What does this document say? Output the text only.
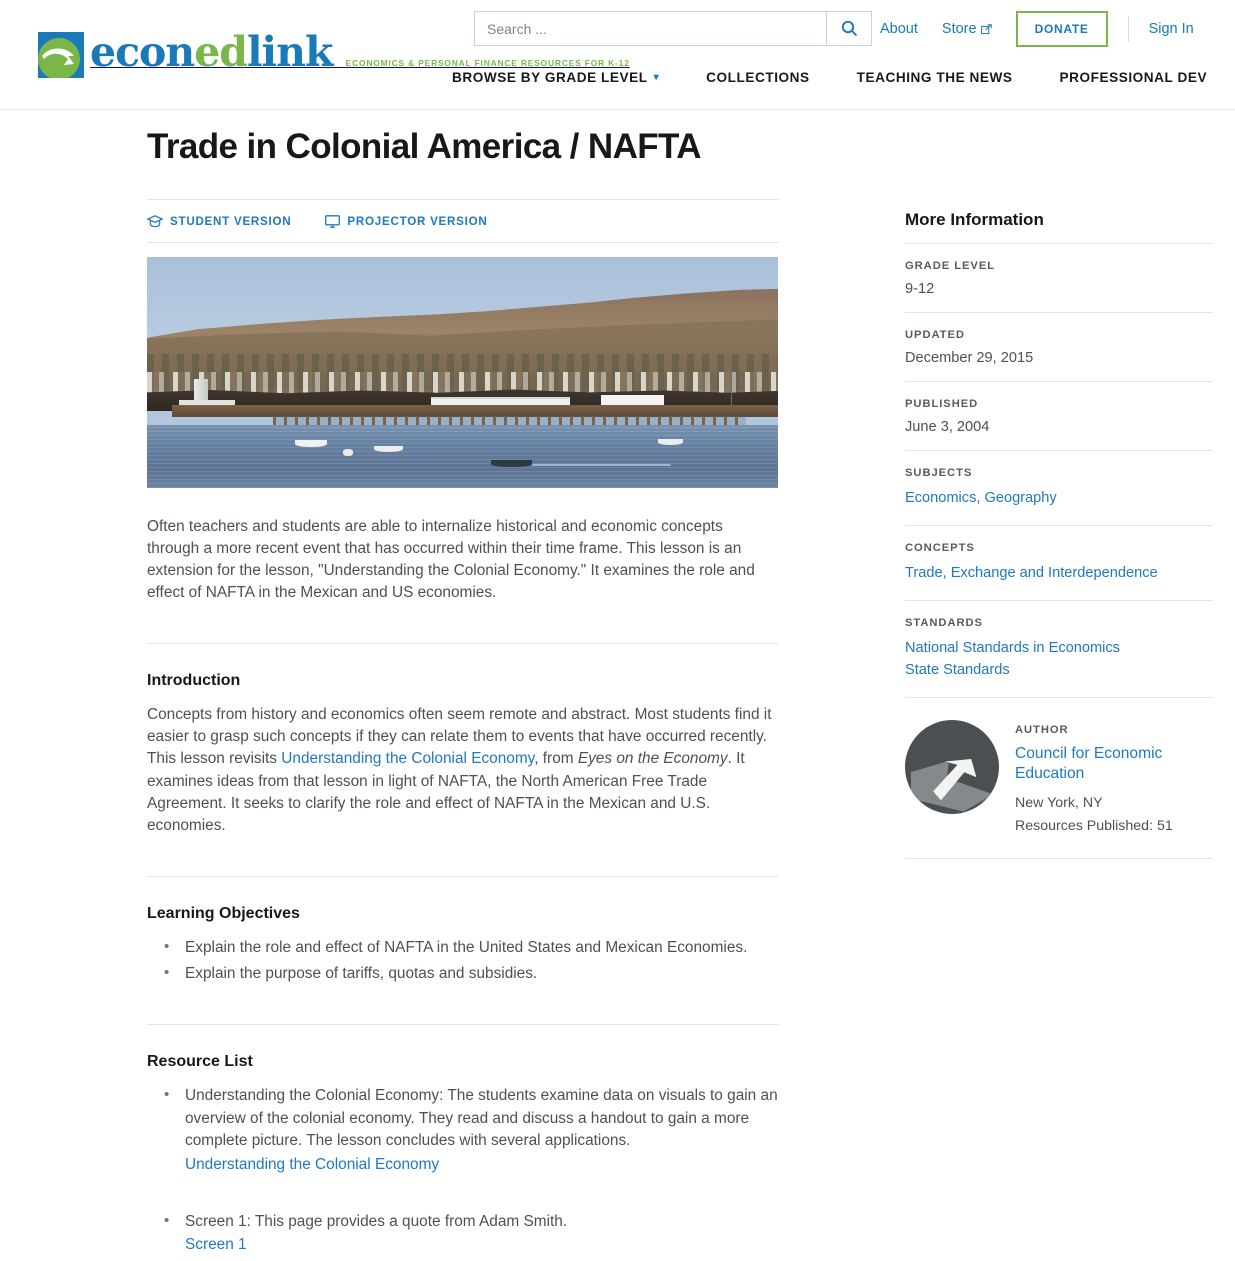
econedlink ECONOMICS & PERSONAL FINANCE RESOURCES FOR K-12
Search ...
About Store	DONATE	Sign In
BROWSE BY GRADE LEVEL ▾	COLLECTIONS	TEACHING THE NEWS	PROFESSIONAL DEV
Trade in Colonial America / NAFTA
STUDENT VERSION	PROJECTOR VERSION

Often teachers and students are able to internalize historical and economic concepts through a more recent event that has occurred within their time frame. This lesson is an extension for the lesson, "Understanding the Colonial Economy." It examines the role and effect of NAFTA in the Mexican and US economies.

Introduction

Concepts from history and economics often seem remote and abstract. Most students find it easier to grasp such concepts if they can relate them to events that have occurred recently. This lesson revisits Understanding the Colonial Economy, from Eyes on the Economy. It examines ideas from that lesson in light of NAFTA, the North American Free Trade Agreement. It seeks to clarify the role and effect of NAFTA in the Mexican and U.S. economies.

Learning Objectives
• Explain the role and effect of NAFTA in the United States and Mexican Economies.
• Explain the purpose of tariffs, quotas and subsidies.
Resource List
• Understanding the Colonial Economy: The students examine data on visuals to gain an overview of the colonial economy. They read and discuss a handout to gain a more complete picture. The lesson concludes with several applications.
Understanding the Colonial Economy
• Screen 1: This page provides a quote from Adam Smith.
Screen 1
More Information
GRADE LEVEL
9-12
UPDATED
December 29, 2015
PUBLISHED
June 3, 2004
SUBJECTS
Economics, Geography
CONCEPTS
Trade, Exchange and Interdependence
STANDARDS
National Standards in Economics
State Standards
AUTHOR
Council for Economic Education
New York, NY
Resources Published: 51
